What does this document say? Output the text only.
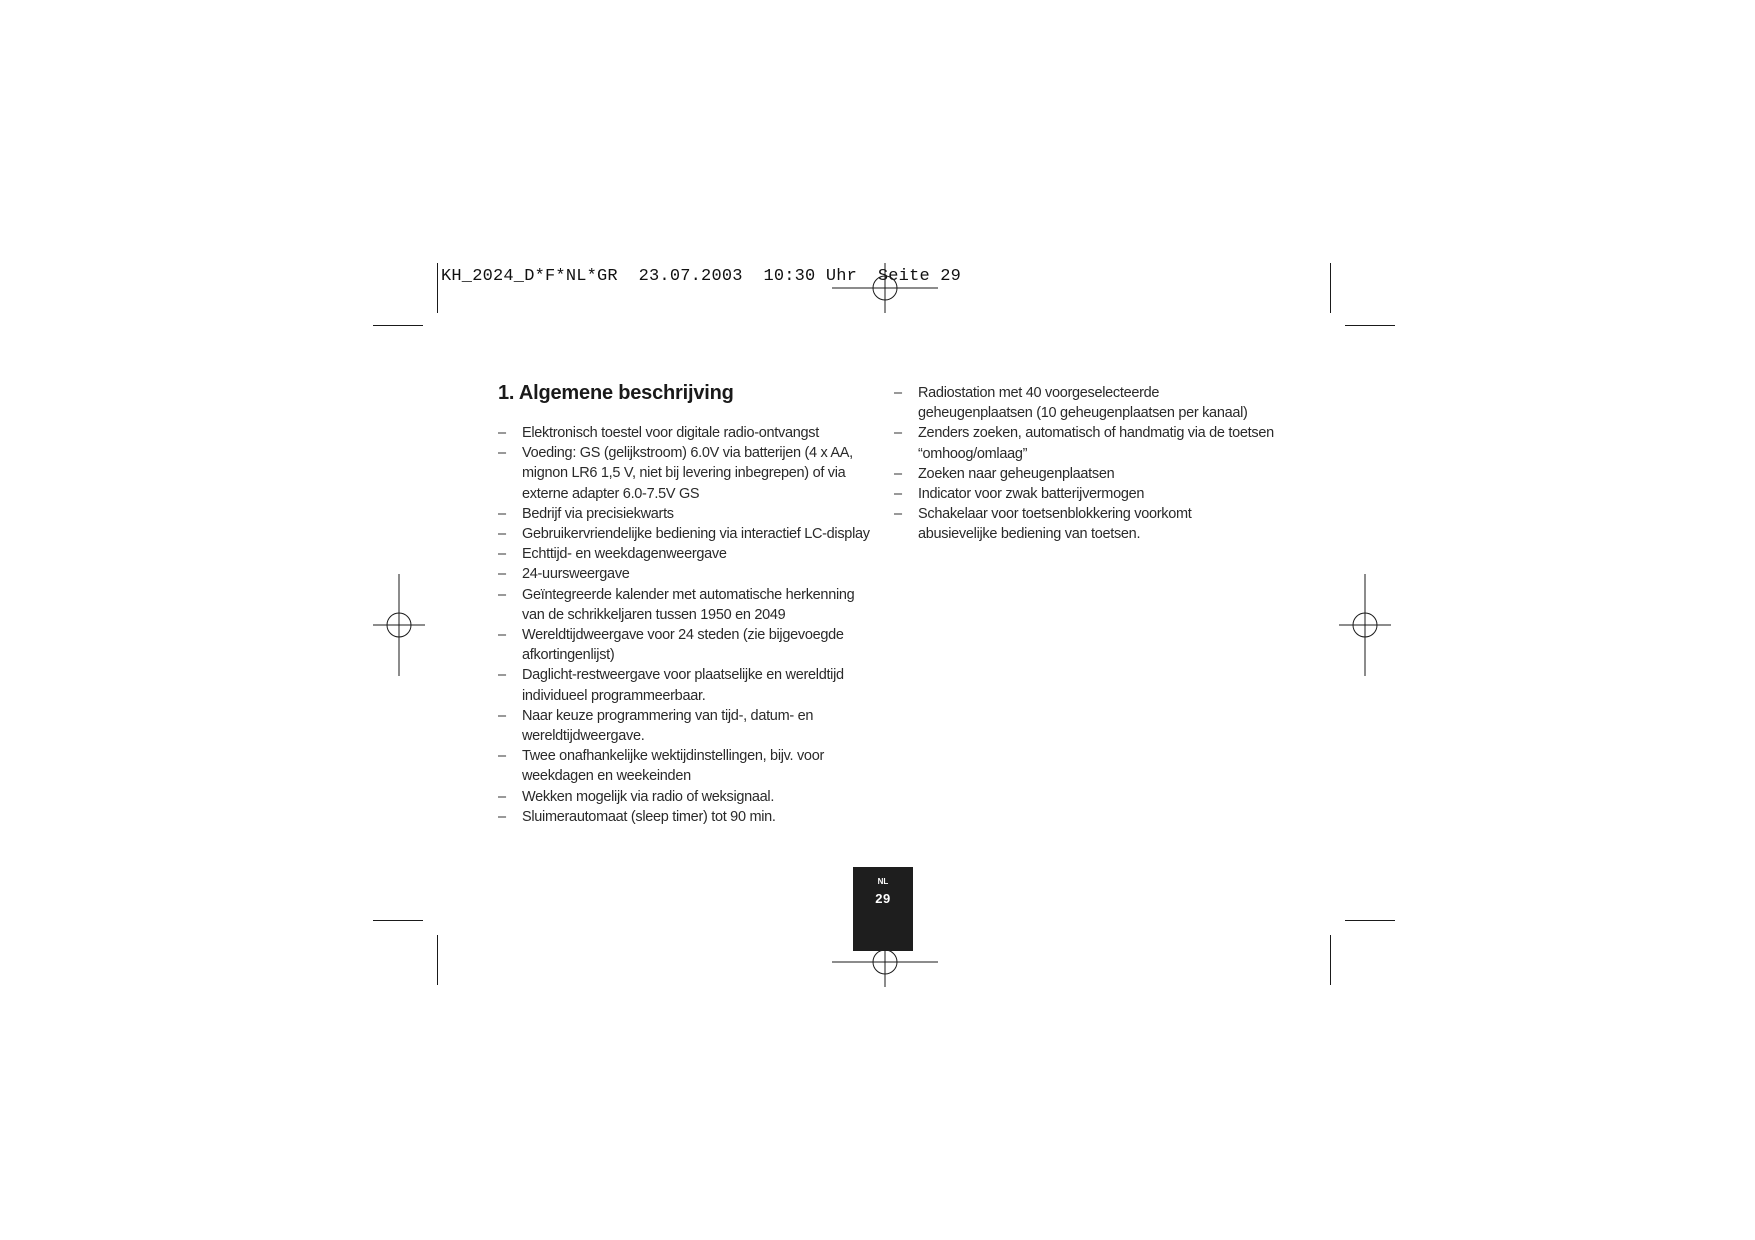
KH_2024_D*F*NL*GR  23.07.2003  10:30 Uhr  Seite 29
1. Algemene beschrijving
– Elektronisch toestel voor digitale radio-ontvangst
– Voeding: GS (gelijkstroom) 6.0V via batterijen (4 x AA, mignon LR6 1,5 V, niet bij levering inbegrepen) of via externe adapter 6.0-7.5V GS
– Bedrijf via precisiekwarts
– Gebruikervriendelijke bediening via interactief LC-display
– Echttijd- en weekdagenweergave
– 24-uursweergave
– Geïntegreerde kalender met automatische herkenning van de schrikkeljaren tussen 1950 en 2049
– Wereldtijdweergave voor 24 steden (zie bijgevoegde afkortingenlijst)
– Daglicht-restweergave voor plaatselijke en wereldtijd individueel programmeerbaar.
– Naar keuze programmering van tijd-, datum- en wereldtijdweergave.
– Twee onafhankelijke wektijdinstellingen, bijv. voor weekdagen en weekeinden
– Wekken mogelijk via radio of weksignaal.
– Sluimerautomaat (sleep timer) tot 90 min.
– Radiostation met 40 voorgeselecteerde geheugenplaatsen (10 geheugenplaatsen per kanaal)
– Zenders zoeken, automatisch of handmatig via de toetsen “omhoog/omlaag”
– Zoeken naar geheugenplaatsen
– Indicator voor zwak batterijvermogen
– Schakelaar voor toetsenblokkering voorkomt abusievelijke bediening van toetsen.
NL
29
